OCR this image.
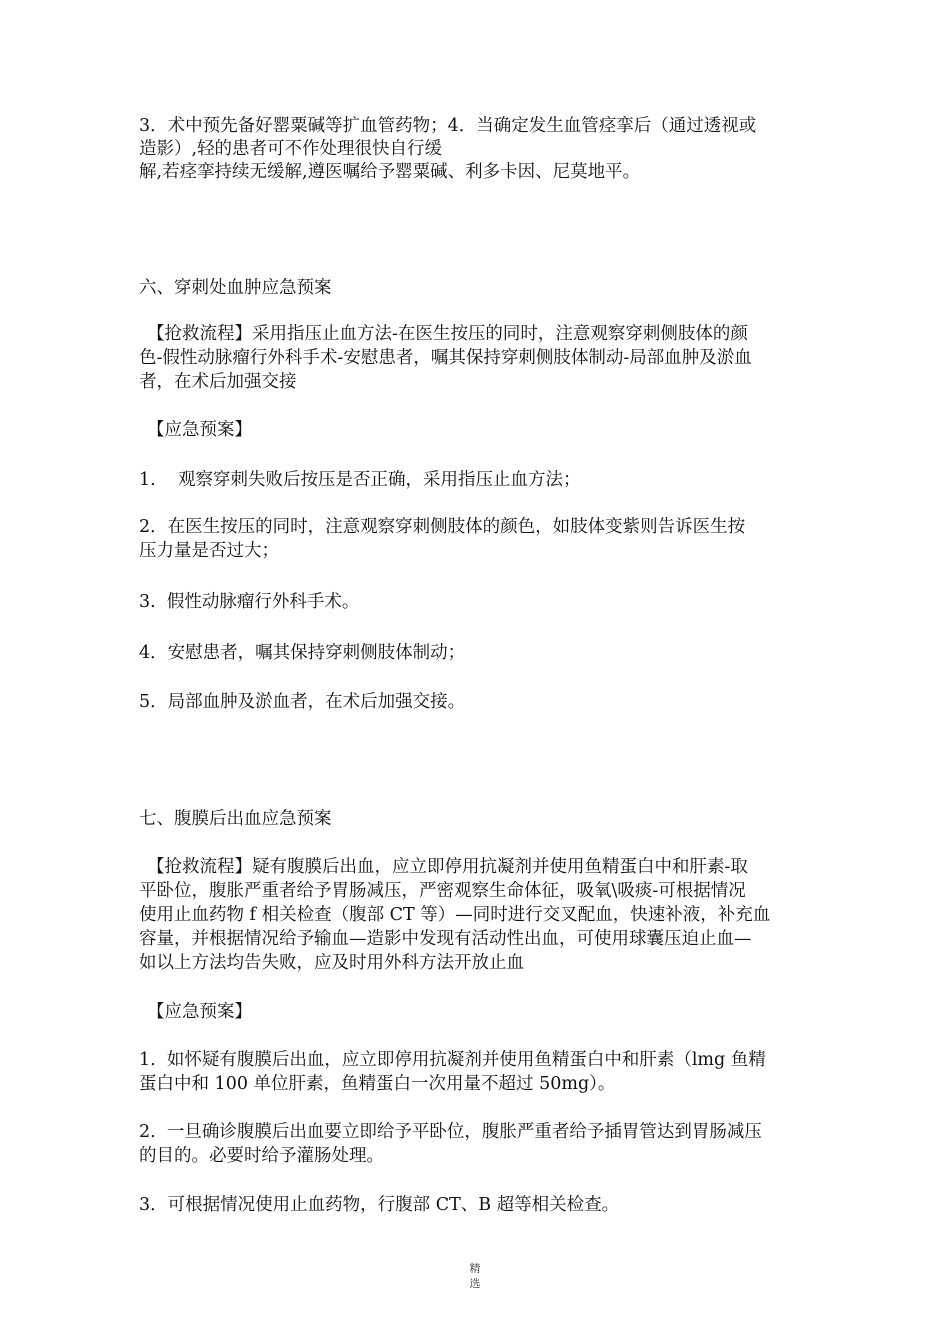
3．术中预先备好罂粟碱等扩血管药物；4．当确定发生血管痉挛后（通过透视或
造影）,轻的患者可不作处理很快自行缓
解,若痉挛持续无缓解,遵医嘱给予罂粟碱、利多卡因、尼莫地平。
六、穿刺处血肿应急预案
【抢救流程】采用指压止血方法-在医生按压的同时，注意观察穿刺侧肢体的颜
色-假性动脉瘤行外科手术-安慰患者，嘱其保持穿刺侧肢体制动-局部血肿及淤血
者，在术后加强交接
【应急预案】
1.    观察穿刺失败后按压是否正确，采用指压止血方法；
2．在医生按压的同时，注意观察穿刺侧肢体的颜色，如肢体变紫则告诉医生按
压力量是否过大；
3.  假性动脉瘤行外科手术。
4．安慰患者，嘱其保持穿刺侧肢体制动；
5．局部血肿及淤血者，在术后加强交接。
七、腹膜后出血应急预案
【抢救流程】疑有腹膜后出血，应立即停用抗凝剂并使用鱼精蛋白中和肝素-取
平卧位，腹胀严重者给予胃肠减压，严密观察生命体征，吸氧\吸痰-可根据情况
使用止血药物 f 相关检查（腹部 CT 等）—同时进行交叉配血，快速补液，补充血
容量，并根据情况给予输血—造影中发现有活动性出血，可使用球囊压迫止血—
如以上方法均告失败，应及时用外科方法开放止血
【应急预案】
1.  如怀疑有腹膜后出血，应立即停用抗凝剂并使用鱼精蛋白中和肝素（lmg 鱼精
蛋白中和 100 单位肝素，鱼精蛋白一次用量不超过 50mg）。
2.  一旦确诊腹膜后出血要立即给予平卧位，腹胀严重者给予插胃管达到胃肠减压
的目的。必要时给予灌肠处理。
3．可根据情况使用止血药物，行腹部 CT、B 超等相关检查。
精
选
